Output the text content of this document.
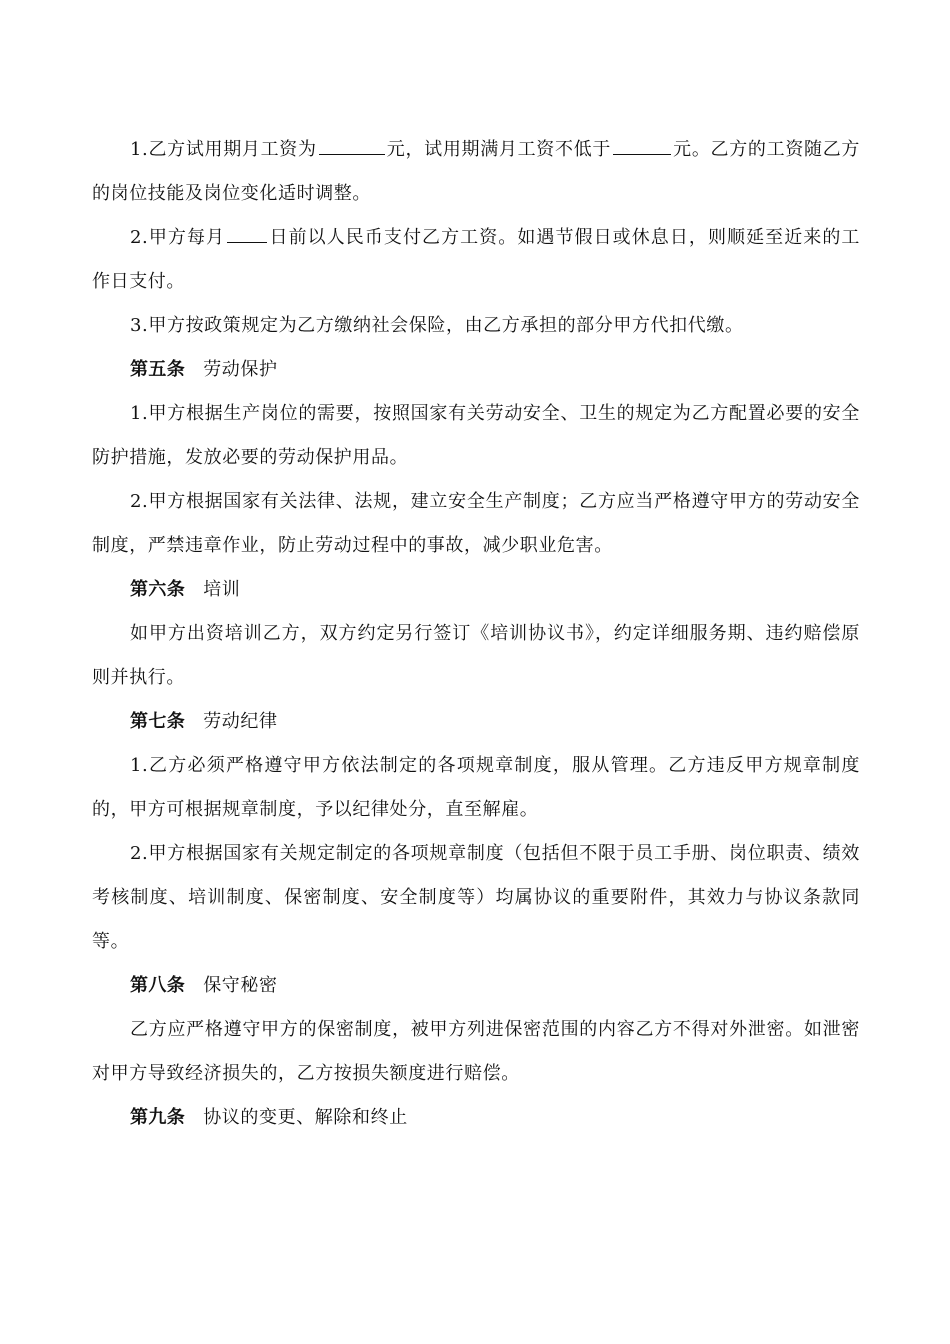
1.乙方试用期月工资为	元，试用期满月工资不低于	元。乙方的工资随乙方的岗位技能及岗位变化适时调整。

2.甲方每月 日前以人民币支付乙方工资。如遇节假日或休息日，则顺延至近来的工作日支付。

3.甲方按政策规定为乙方缴纳社会保险，由乙方承担的部分甲方代扣代缴。

第五条 劳动保护

1.甲方根据生产岗位的需要，按照国家有关劳动安全、卫生的规定为乙方配置必要的安全防护措施，发放必要的劳动保护用品。

2.甲方根据国家有关法律、法规，建立安全生产制度；乙方应当严格遵守甲方的劳动安全制度，严禁违章作业，防止劳动过程中的事故，减少职业危害。

第六条 培训

如甲方出资培训乙方，双方约定另行签订《培训协议书》，约定详细服务期、违约赔偿原则并执行。

第七条 劳动纪律

1.乙方必须严格遵守甲方依法制定的各项规章制度，服从管理。乙方违反甲方规章制度的，甲方可根据规章制度，予以纪律处分，直至解雇。

2.甲方根据国家有关规定制定的各项规章制度（包括但不限于员工手册、岗位职责、绩效考核制度、培训制度、保密制度、安全制度等）均属协议的重要附件，其效力与协议条款同等。

第八条 保守秘密

乙方应严格遵守甲方的保密制度，被甲方列进保密范围的内容乙方不得对外泄密。如泄密对甲方导致经济损失的，乙方按损失额度进行赔偿。

第九条 协议的变更、解除和终止
